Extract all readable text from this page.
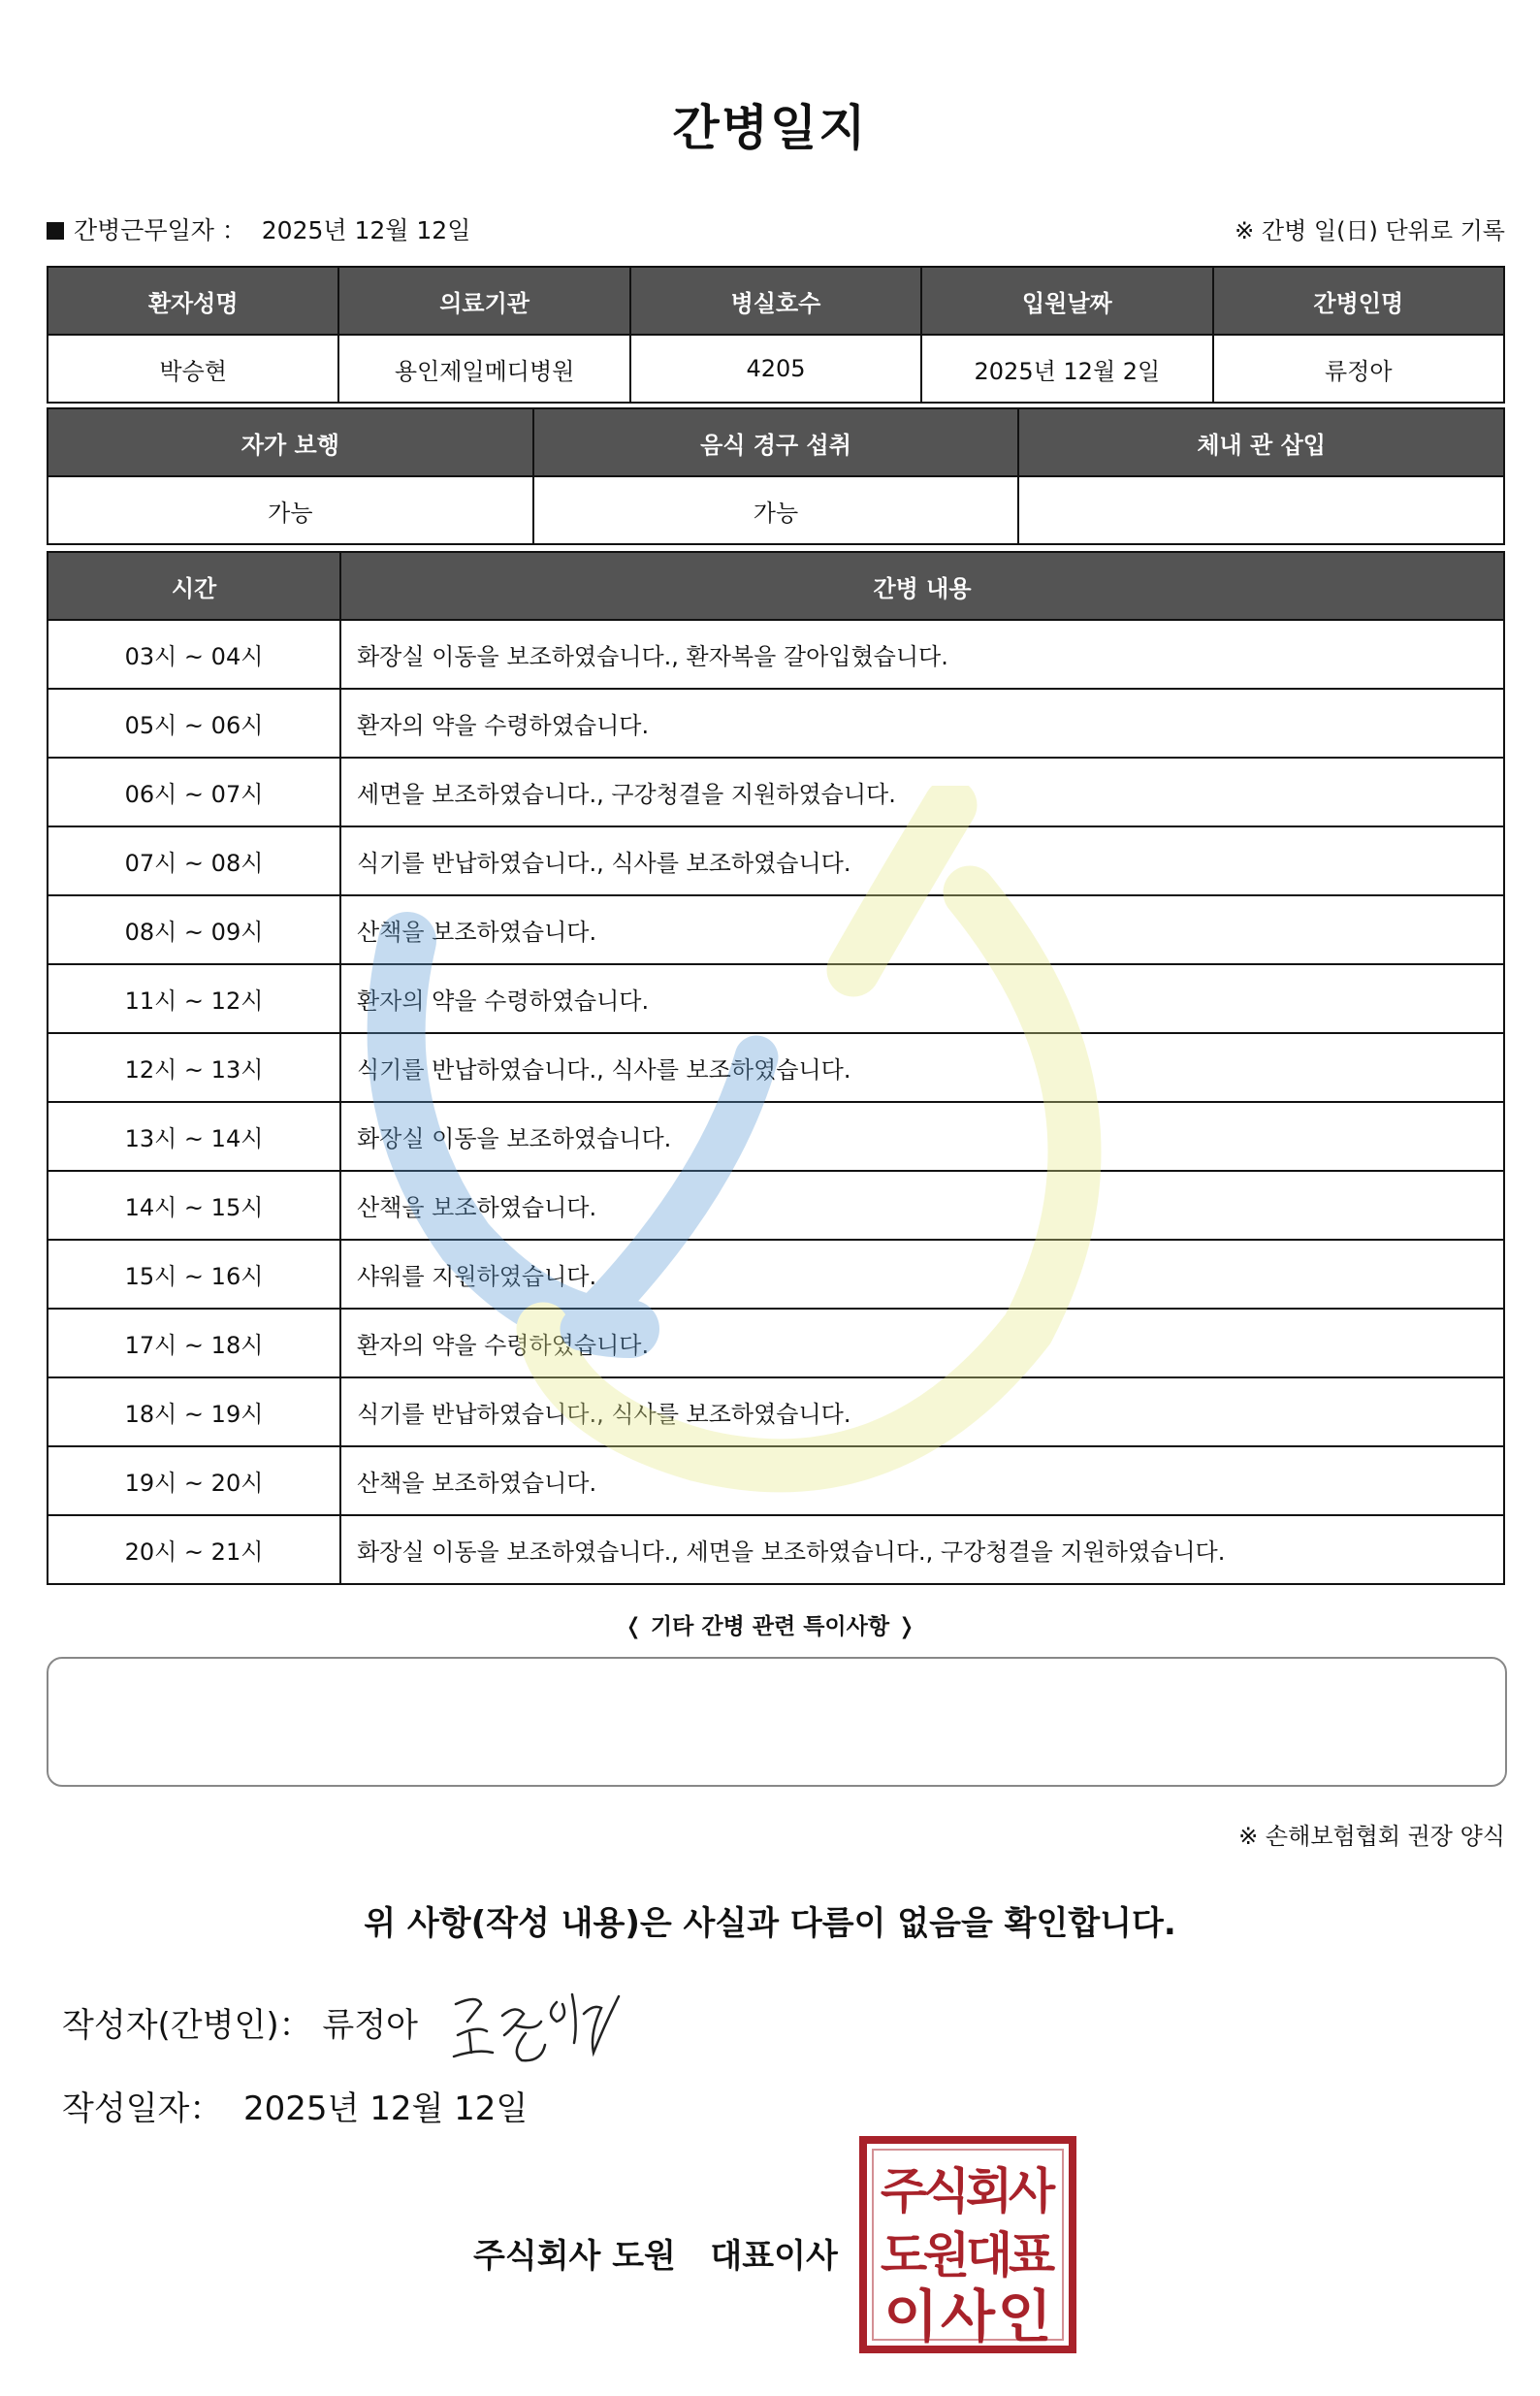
간병일지
간병근무일자 ： 2025년 12월 12일	※ 간병 일(日) 단위로 기록
환자성명	의료기관	병실호수	입원날짜	간병인명
박승현	용인제일메디병원	4205	2025년 12월 2일	류정아
자가 보행	음식 경구 섭취	체내 관 삽입
가능	가능	
시간	간병 내용
03시 ~ 04시	화장실 이동을 보조하였습니다., 환자복을 갈아입혔습니다.
05시 ~ 06시	환자의 약을 수령하였습니다.
06시 ~ 07시	세면을 보조하였습니다., 구강청결을 지원하였습니다.
07시 ~ 08시	식기를 반납하였습니다., 식사를 보조하였습니다.
08시 ~ 09시	산책을 보조하였습니다.
11시 ~ 12시	환자의 약을 수령하였습니다.
12시 ~ 13시	식기를 반납하였습니다., 식사를 보조하였습니다.
13시 ~ 14시	화장실 이동을 보조하였습니다.
14시 ~ 15시	산책을 보조하였습니다.
15시 ~ 16시	샤워를 지원하였습니다.
17시 ~ 18시	환자의 약을 수령하였습니다.
18시 ~ 19시	식기를 반납하였습니다., 식사를 보조하였습니다.
19시 ~ 20시	산책을 보조하였습니다.
20시 ~ 21시	화장실 이동을 보조하였습니다., 세면을 보조하였습니다., 구강청결을 지원하였습니다.
❬ 기타 간병 관련 특이사항 ❭
※ 손해보험협회 권장 양식
위 사항(작성 내용)은 사실과 다름이 없음을 확인합니다.
작성자(간병인)： 류정아
작성일자： 2025년 12월 12일
주식회사 도원   대표이사
주
식
회
사
도
원
대
표
이 사 인
